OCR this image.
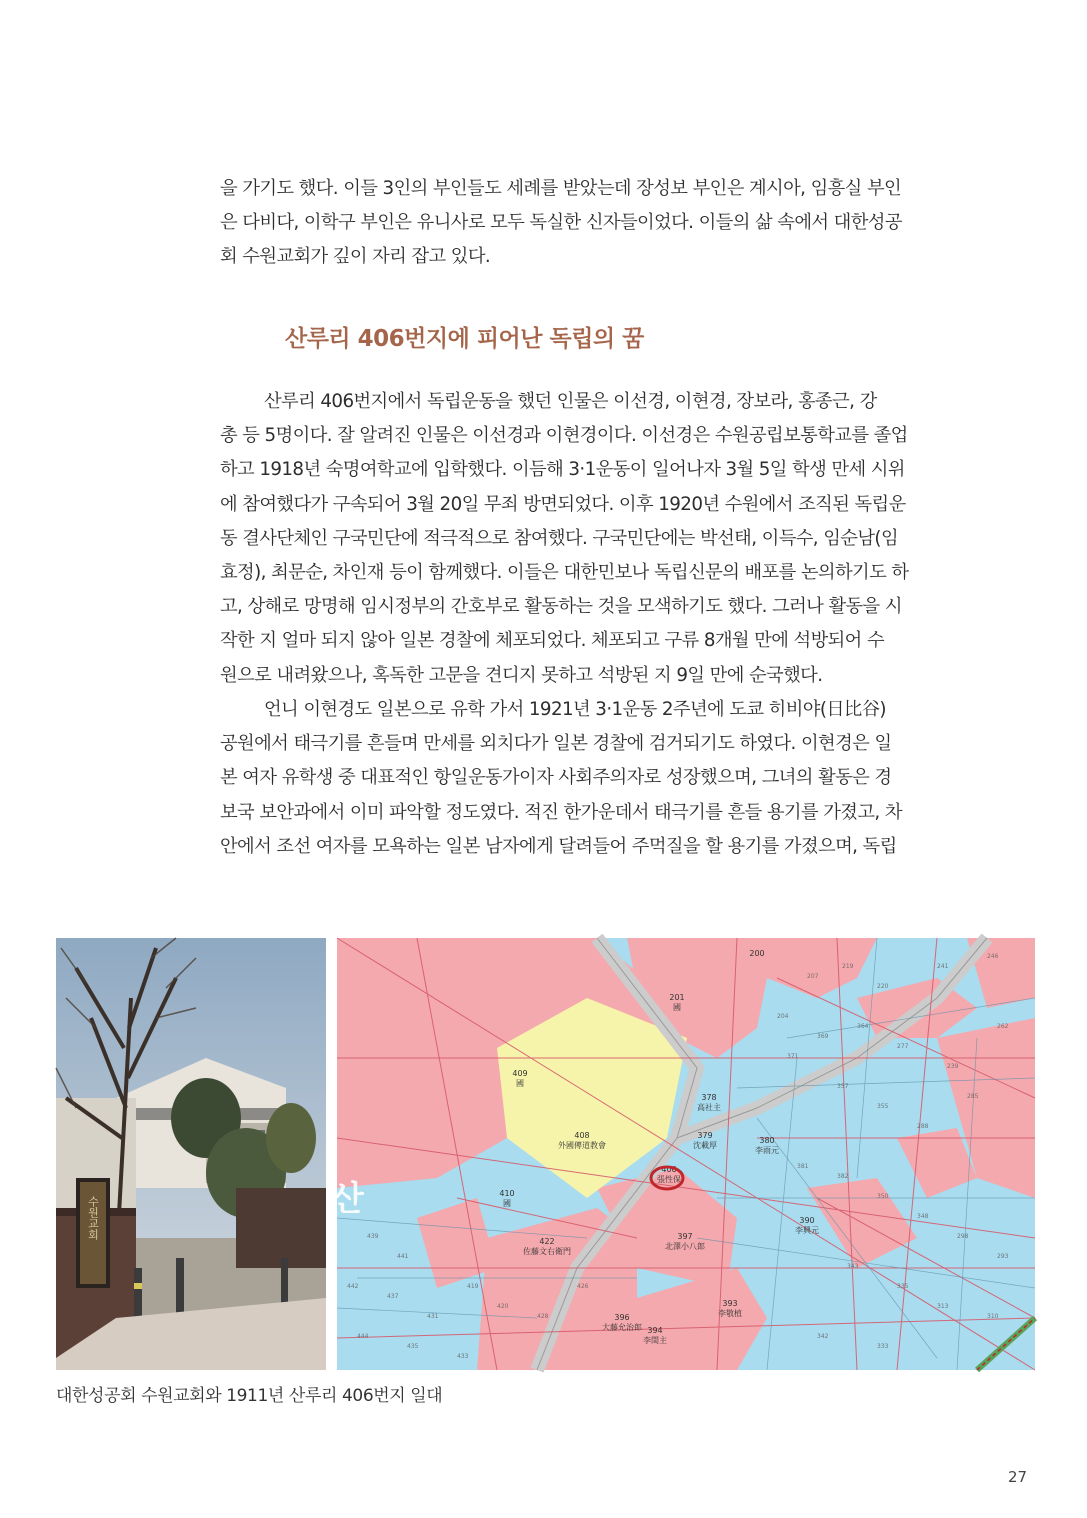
을 가기도 했다. 이들 3인의 부인들도 세례를 받았는데 장성보 부인은 계시아, 임흥실 부인
은 다비다, 이학구 부인은 유니사로 모두 독실한 신자들이었다. 이들의 삶 속에서 대한성공
회 수원교회가 깊이 자리 잡고 있다.
산루리 406번지에 피어난 독립의 꿈
산루리 406번지에서 독립운동을 했던 인물은 이선경, 이현경, 장보라, 홍종근, 강
총 등 5명이다. 잘 알려진 인물은 이선경과 이현경이다. 이선경은 수원공립보통학교를 졸업
하고 1918년 숙명여학교에 입학했다. 이듬해 3·1운동이 일어나자 3월 5일 학생 만세 시위
에 참여했다가 구속되어 3월 20일 무죄 방면되었다. 이후 1920년 수원에서 조직된 독립운
동 결사단체인 구국민단에 적극적으로 참여했다. 구국민단에는 박선태, 이득수, 임순남(임
효정), 최문순, 차인재 등이 함께했다. 이들은 대한민보나 독립신문의 배포를 논의하기도 하
고, 상해로 망명해 임시정부의 간호부로 활동하는 것을 모색하기도 했다. 그러나 활동을 시
작한 지 얼마 되지 않아 일본 경찰에 체포되었다. 체포되고 구류 8개월 만에 석방되어 수
원으로 내려왔으나, 혹독한 고문을 견디지 못하고 석방된 지 9일 만에 순국했다.
언니 이현경도 일본으로 유학 가서 1921년 3·1운동 2주년에 도쿄 히비야(日比谷)
공원에서 태극기를 흔들며 만세를 외치다가 일본 경찰에 검거되기도 하였다. 이현경은 일
본 여자 유학생 중 대표적인 항일운동가이자 사회주의자로 성장했으며, 그녀의 활동은 경
보국 보안과에서 이미 파악할 정도였다. 적진 한가운데서 태극기를 흔들 용기를 가졌고, 차
안에서 조선 여자를 모욕하는 일본 남자에게 달려들어 주먹질을 할 용기를 가졌으며, 독립
수원교회	산
201
國
200
408
外國傳道教會
409
國
410
國
406
張性保
397
北澤小八郎
393
李敬植
380
李雨元
379
沈載厚
378
高社主
390
李興元
422
佐藤文右衛門
394
李閏主
396
大藤允治郎
207
219
220
241
246
204
369
364
277
239
262
371
357
355
288
285
381
382
350
348
298
293
343
335
313
310
342
333
439
441
442
437
431
419
420
428
444
435
433
426

대한성공회 수원교회와 1911년 산루리 406번지 일대

27
